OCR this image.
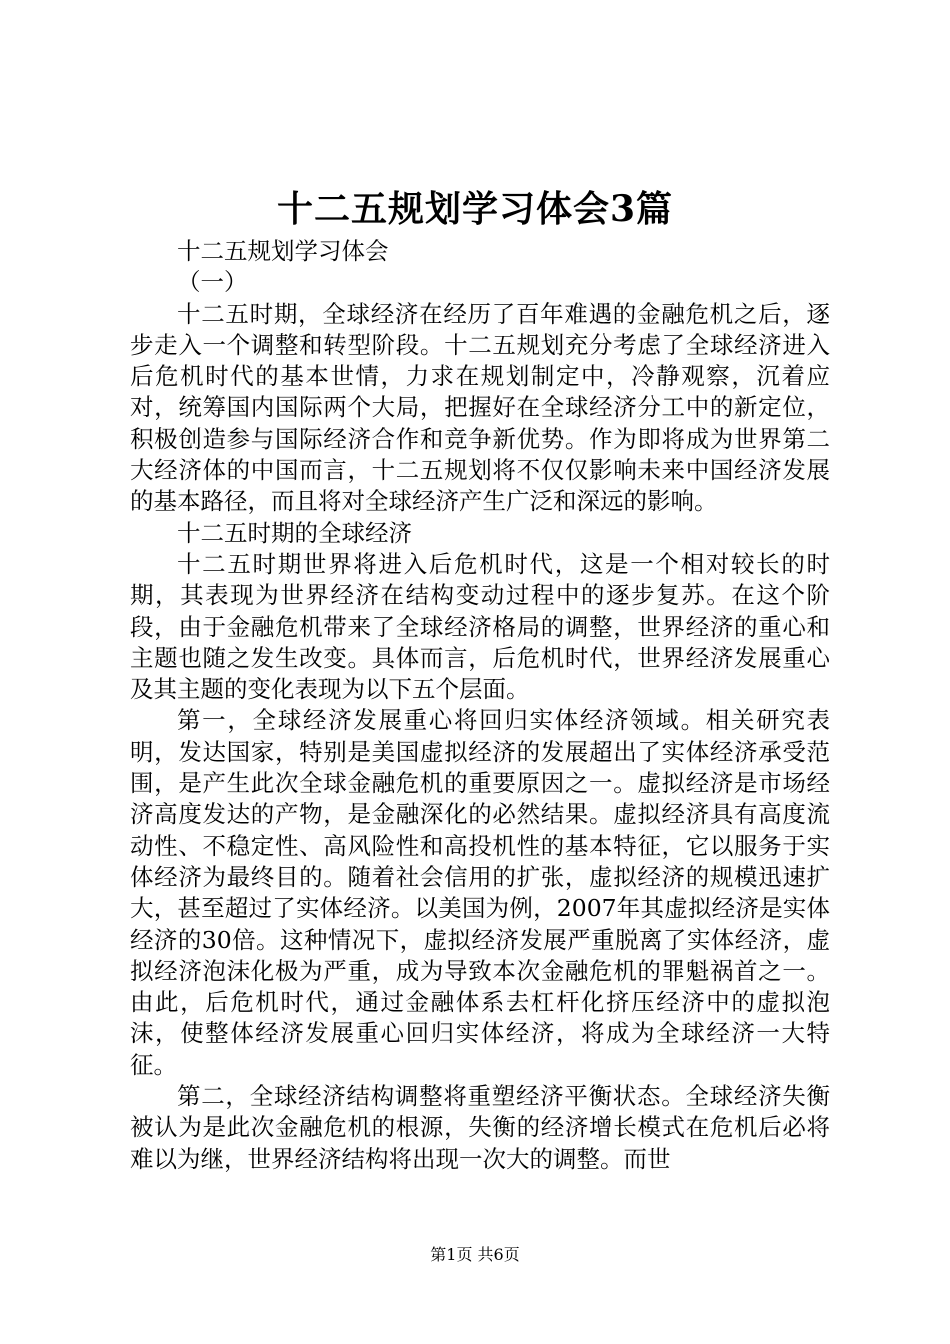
十二五规划学习体会3篇

十二五规划学习体会

（一）

十二五时期，全球经济在经历了百年难遇的金融危机之后，逐步走入一个调整和转型阶段。十二五规划充分考虑了全球经济进入后危机时代的基本世情，力求在规划制定中，冷静观察，沉着应对，统筹国内国际两个大局，把握好在全球经济分工中的新定位，积极创造参与国际经济合作和竞争新优势。作为即将成为世界第二大经济体的中国而言，十二五规划将不仅仅影响未来中国经济发展的基本路径，而且将对全球经济产生广泛和深远的影响。

十二五时期的全球经济

十二五时期世界将进入后危机时代，这是一个相对较长的时期，其表现为世界经济在结构变动过程中的逐步复苏。在这个阶段，由于金融危机带来了全球经济格局的调整，世界经济的重心和主题也随之发生改变。具体而言，后危机时代，世界经济发展重心及其主题的变化表现为以下五个层面。

第一，全球经济发展重心将回归实体经济领域。相关研究表明，发达国家，特别是美国虚拟经济的发展超出了实体经济承受范围，是产生此次全球金融危机的重要原因之一。虚拟经济是市场经济高度发达的产物，是金融深化的必然结果。虚拟经济具有高度流动性、不稳定性、高风险性和高投机性的基本特征，它以服务于实体经济为最终目的。随着社会信用的扩张，虚拟经济的规模迅速扩大，甚至超过了实体经济。以美国为例，2007年其虚拟经济是实体经济的30倍。这种情况下，虚拟经济发展严重脱离了实体经济，虚拟经济泡沫化极为严重，成为导致本次金融危机的罪魁祸首之一。由此，后危机时代，通过金融体系去杠杆化挤压经济中的虚拟泡沫，使整体经济发展重心回归实体经济，将成为全球经济一大特征。

第二，全球经济结构调整将重塑经济平衡状态。全球经济失衡被认为是此次金融危机的根源，失衡的经济增长模式在危机后必将难以为继，世界经济结构将出现一次大的调整。而世

第1页 共6页
